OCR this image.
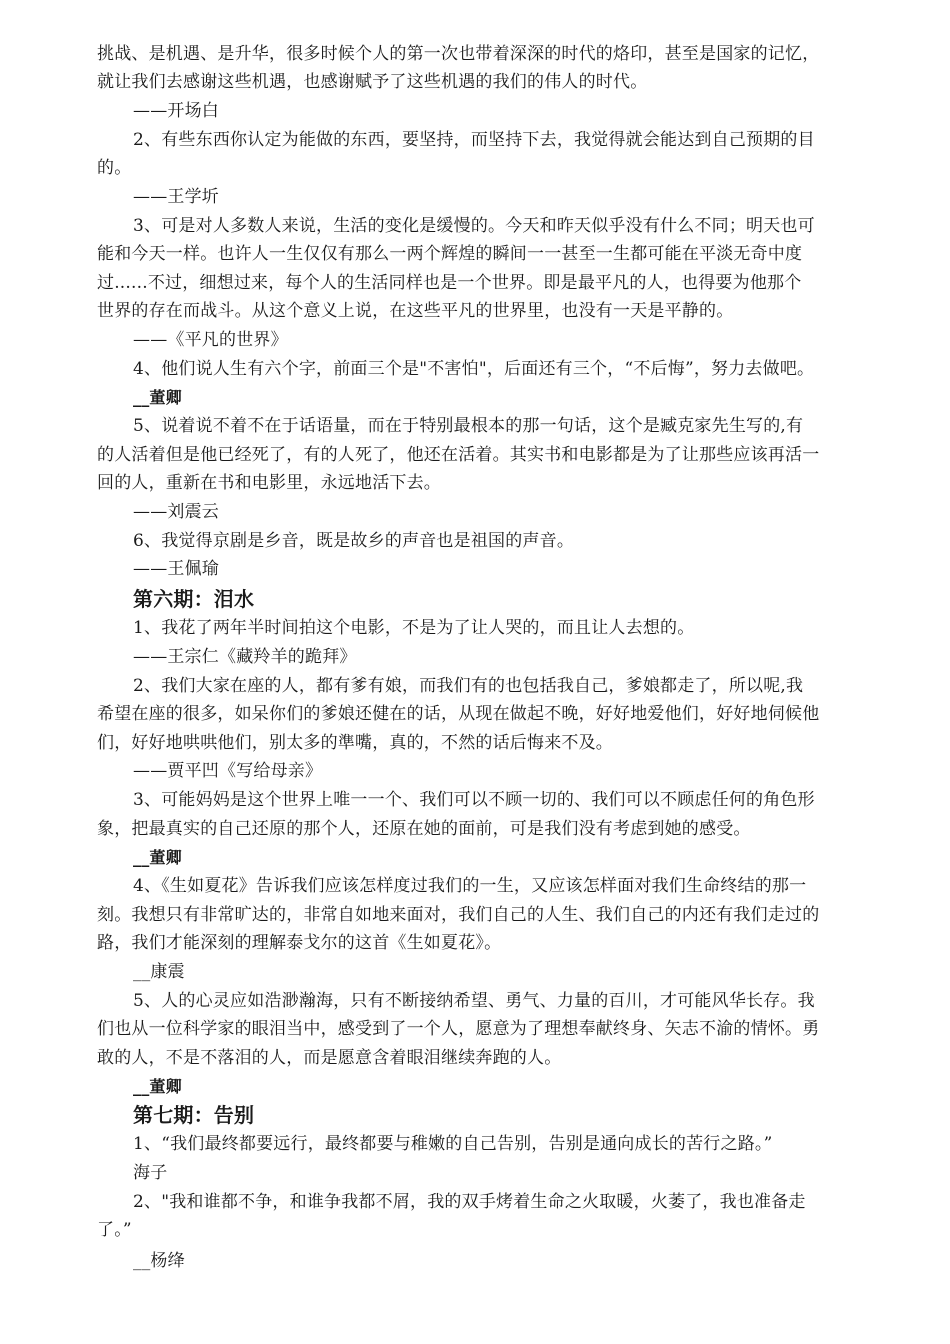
挑战、是机遇、是升华，很多时候个人的第一次也带着深深的时代的烙印，甚至是国家的记忆，
就让我们去感谢这些机遇，也感谢赋予了这些机遇的我们的伟人的时代。
——开场白
2、有些东西你认定为能做的东西，要坚持，而坚持下去，我觉得就会能达到自己预期的目
的。
——王学圻
3、可是对人多数人来说，生活的变化是缓慢的。今天和昨天似乎没有什么不同；明天也可
能和今天一样。也许人一生仅仅有那么一两个辉煌的瞬间一一甚至一生都可能在平淡无奇中度
过......不过，细想过来，每个人的生活同样也是一个世界。即是最平凡的人，也得要为他那个
世界的存在而战斗。从这个意义上说，在这些平凡的世界里，也没有一天是平静的。
——《平凡的世界》
4、他们说人生有六个字，前面三个是"不害怕"，后面还有三个，“不后悔”，努力去做吧。
__董卿
5、说着说不着不在于话语量，而在于特别最根本的那一句话，这个是臧克家先生写的,有
的人活着但是他已经死了，有的人死了，他还在活着。其实书和电影都是为了让那些应该再活一
回的人，重新在书和电影里，永远地活下去。
——刘震云
6、我觉得京剧是乡音，既是故乡的声音也是祖国的声音。
——王佩瑜
第六期：泪水
1、我花了两年半时间拍这个电影，不是为了让人哭的，而且让人去想的。
——王宗仁《藏羚羊的跪拜》
2、我们大家在座的人，都有爹有娘，而我们有的也包括我自己，爹娘都走了，所以呢,我
希望在座的很多，如呆你们的爹娘还健在的话，从现在做起不晚，好好地爱他们，好好地伺候他
们，好好地哄哄他们，别太多的準嘴，真的，不然的话后悔来不及。
——贾平凹《写给母亲》
3、可能妈妈是这个世界上唯一一个、我们可以不顾一切的、我们可以不顾虑任何的角色形
象，把最真实的自己还原的那个人，还原在她的面前，可是我们没有考虑到她的感受。
__董卿
4、《生如夏花》告诉我们应该怎样度过我们的一生，又应该怎样面对我们生命终结的那一
刻。我想只有非常旷达的，非常自如地来面对，我们自己的人生、我们自己的内还有我们走过的
路，我们才能深刻的理解泰戈尔的这首《生如夏花》。
__康震
5、人的心灵应如浩渺瀚海，只有不断接纳希望、勇气、力量的百川，才可能风华长存。我
们也从一位科学家的眼泪当中，感受到了一个人，愿意为了理想奉献终身、矢志不渝的情怀。勇
敢的人，不是不落泪的人，而是愿意含着眼泪继续奔跑的人。
__董卿
第七期：告别
1、“我们最终都要远行，最终都要与稚嫩的自己告别，告别是通向成长的苦行之路。”
海子
2、"我和谁都不争，和谁争我都不屑，我的双手烤着生命之火取暖，火萎了，我也准备走
了。”
__杨绛
